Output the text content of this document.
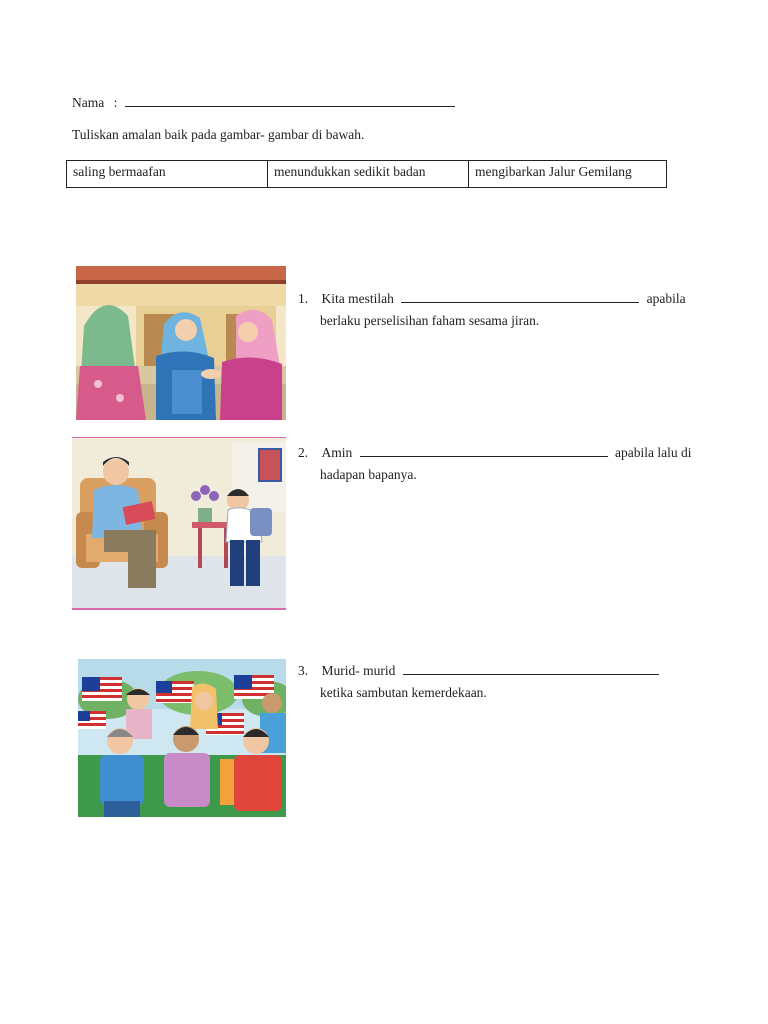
Nama :
Tuliskan amalan baik pada gambar- gambar di bawah.
saling bermaafan	menundukkan sedikit badan	mengibarkan Jalur Gemilang
1. Kita mestilah	apabila
berlaku perselisihan faham sesama jiran.
2. Amin	apabila lalu di
hadapan bapanya.
3. Murid- murid
ketika sambutan kemerdekaan.
